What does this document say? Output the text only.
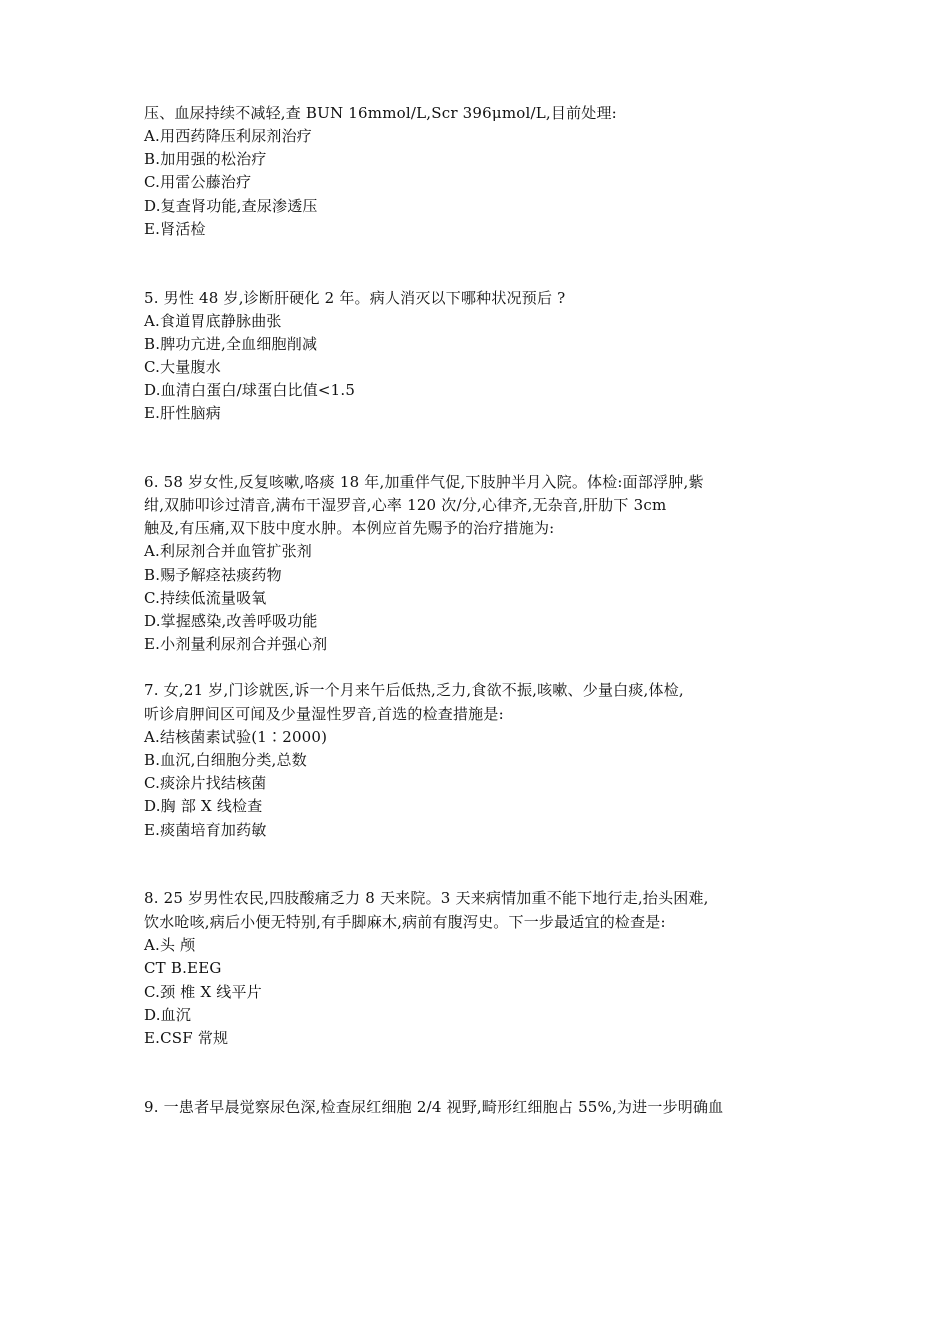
压、血尿持续不减轻,查 BUN 16mmol/L,Scr 396μmol/L,目前处理:
A.用西药降压利尿剂治疗
B.加用强的松治疗
C.用雷公藤治疗
D.复查肾功能,查尿渗透压
E.肾活检
5. 男性 48 岁,诊断肝硬化 2 年。病人消灭以下哪种状况预后 ?
A.食道胃底静脉曲张
B.脾功亢进,全血细胞削减
C.大量腹水
D.血清白蛋白/球蛋白比值<1.5
E.肝性脑病
6. 58 岁女性,反复咳嗽,咯痰 18 年,加重伴气促,下肢肿半月入院。体检:面部浮肿,紫
绀,双肺叩诊过清音,满布干湿罗音,心率 120 次/分,心律齐,无杂音,肝肋下 3cm
触及,有压痛,双下肢中度水肿。本例应首先赐予的治疗措施为:
A.利尿剂合并血管扩张剂
B.赐予解痉祛痰药物
C.持续低流量吸氧
D.掌握感染,改善呼吸功能
E.小剂量利尿剂合并强心剂
7. 女,21 岁,门诊就医,诉一个月来午后低热,乏力,食欲不振,咳嗽、少量白痰,体检,
听诊肩胛间区可闻及少量湿性罗音,首选的检查措施是:
A.结核菌素试验(1∶2000)
B.血沉,白细胞分类,总数
C.痰涂片找结核菌
D.胸 部 X 线检查
E.痰菌培育加药敏
8. 25 岁男性农民,四肢酸痛乏力 8 天来院。3 天来病情加重不能下地行走,抬头困难,
饮水呛咳,病后小便无特别,有手脚麻木,病前有腹泻史。下一步最适宜的检查是:
A.头 颅
CT B.EEG
C.颈 椎 X 线平片
D.血沉
E.CSF 常规
9. 一患者早晨觉察尿色深,检查尿红细胞 2/4 视野,畸形红细胞占 55%,为进一步明确血
